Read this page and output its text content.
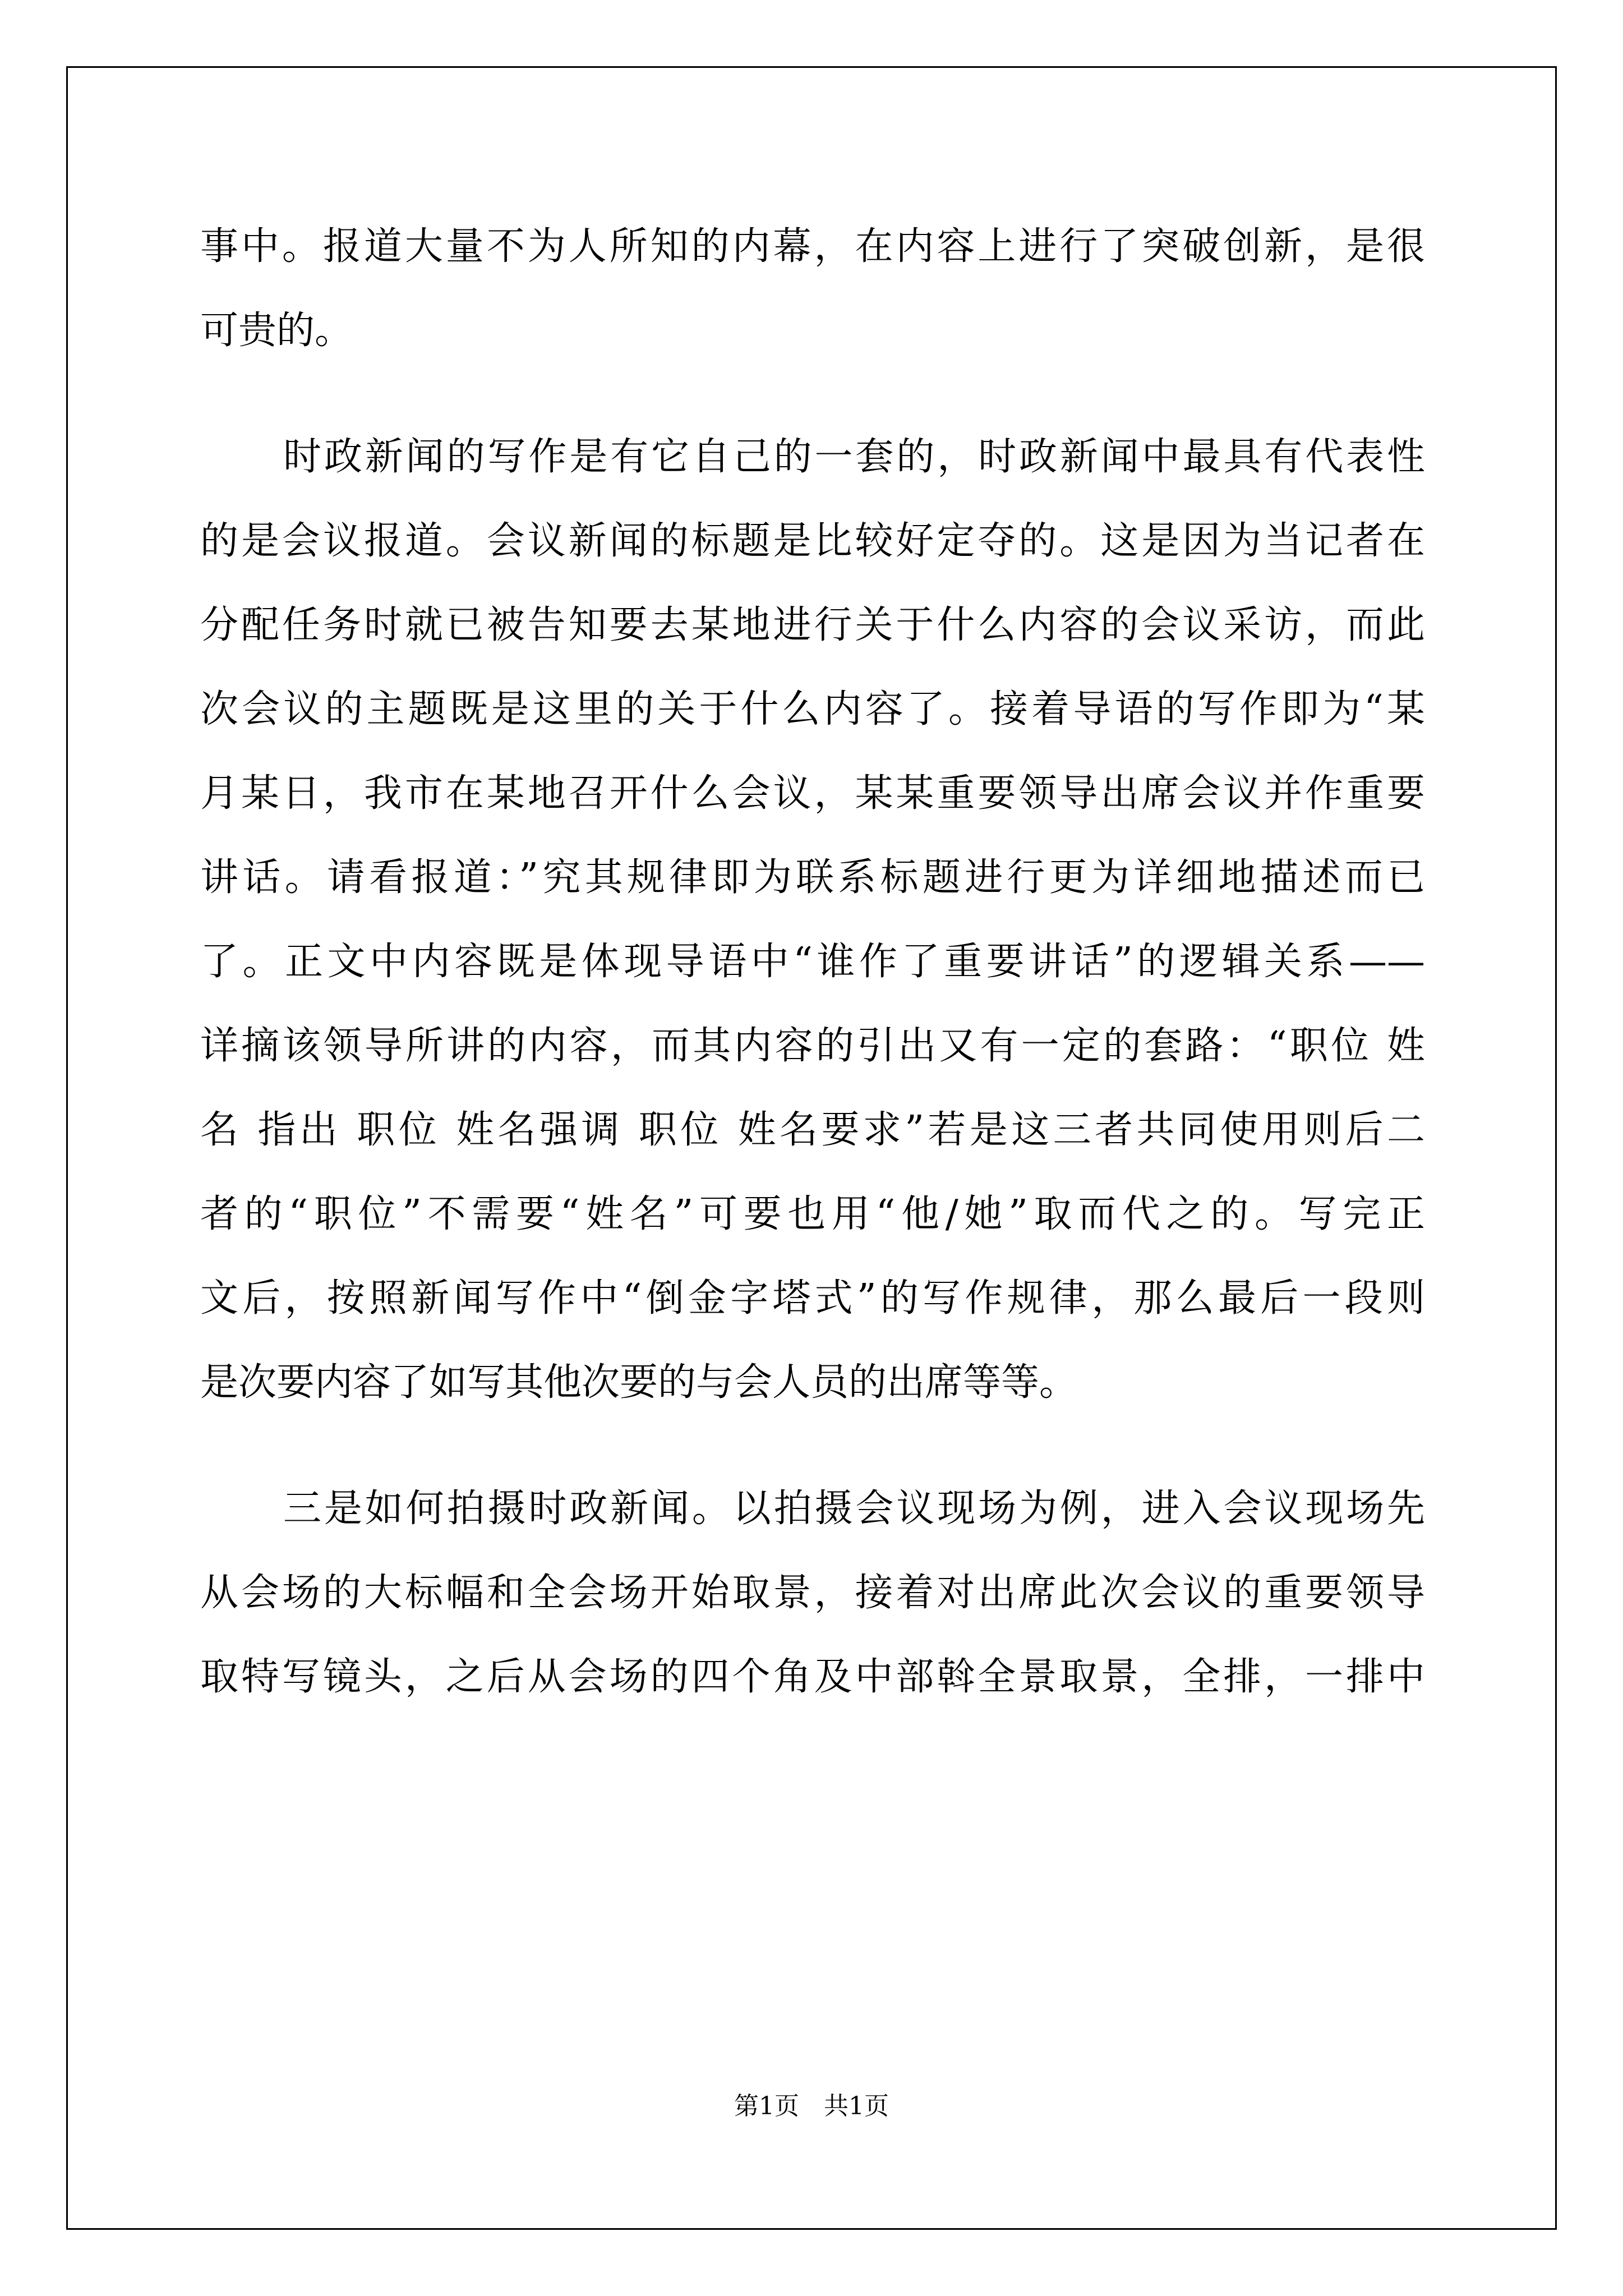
事中。报道大量不为人所知的内幕，在内容上进行了突破创新，是很
可贵的。
时政新闻的写作是有它自己的一套的，时政新闻中最具有代表性
的是会议报道。会议新闻的标题是比较好定夺的。这是因为当记者在
分配任务时就已被告知要去某地进行关于什么内容的会议采访，而此
次会议的主题既是这里的关于什么内容了。接着导语的写作即为“某
月某日，我市在某地召开什么会议，某某重要领导出席会议并作重要
讲话。请看报道：”究其规律即为联系标题进行更为详细地描述而已
了。正文中内容既是体现导语中“谁作了重要讲话”的逻辑关系——
详摘该领导所讲的内容，而其内容的引出又有一定的套路：“职位 姓
名 指出 职位 姓名强调 职位 姓名要求”若是这三者共同使用则后二
者的“职位”不需要“姓名”可要也用“他/她”取而代之的。写完正
文后，按照新闻写作中“倒金字塔式”的写作规律，那么最后一段则
是次要内容了如写其他次要的与会人员的出席等等。
三是如何拍摄时政新闻。以拍摄会议现场为例，进入会议现场先
从会场的大标幅和全会场开始取景，接着对出席此次会议的重要领导
取特写镜头，之后从会场的四个角及中部斡全景取景，全排，一排中
第1页　共1页
